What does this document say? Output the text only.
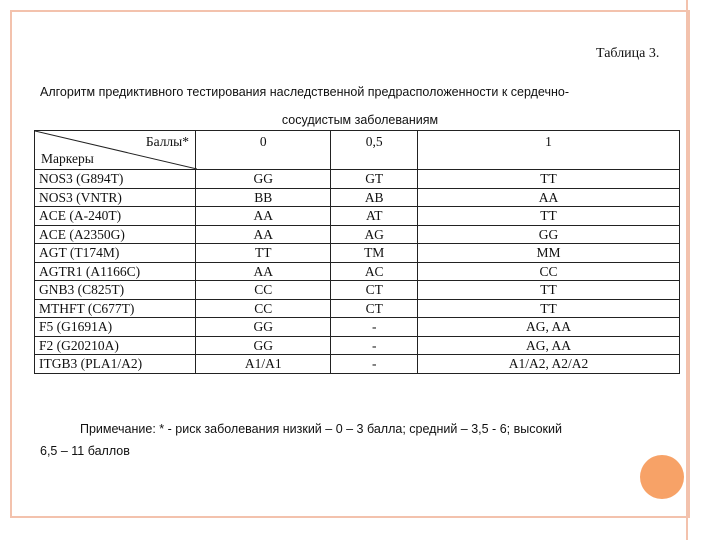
Таблица 3.
Алгоритм предиктивного тестирования наследственной предрасположенности к сердечно-
сосудистым заболеваниям
Баллы*
Маркеры	0	0,5	1
NOS3 (G894T)	GG	GT	TT
NOS3 (VNTR)	BB	AB	AA
ACE (A-240T)	AA	AT	TT
ACE (A2350G)	AA	AG	GG
AGT (T174M)	TT	TM	MM
AGTR1 (A1166C)	AA	AC	CC
GNB3 (C825T)	CC	CT	TT
MTHFT (C677T)	CC	CT	TT
F5 (G1691A)	GG	-	AG, AA
F2 (G20210A)	GG	-	AG, AA
ITGB3 (PLA1/A2)	A1/A1	-	A1/A2, A2/A2
Примечание: * - риск заболевания низкий – 0 – 3 балла; средний – 3,5 - 6; высокий
6,5 – 11 баллов
